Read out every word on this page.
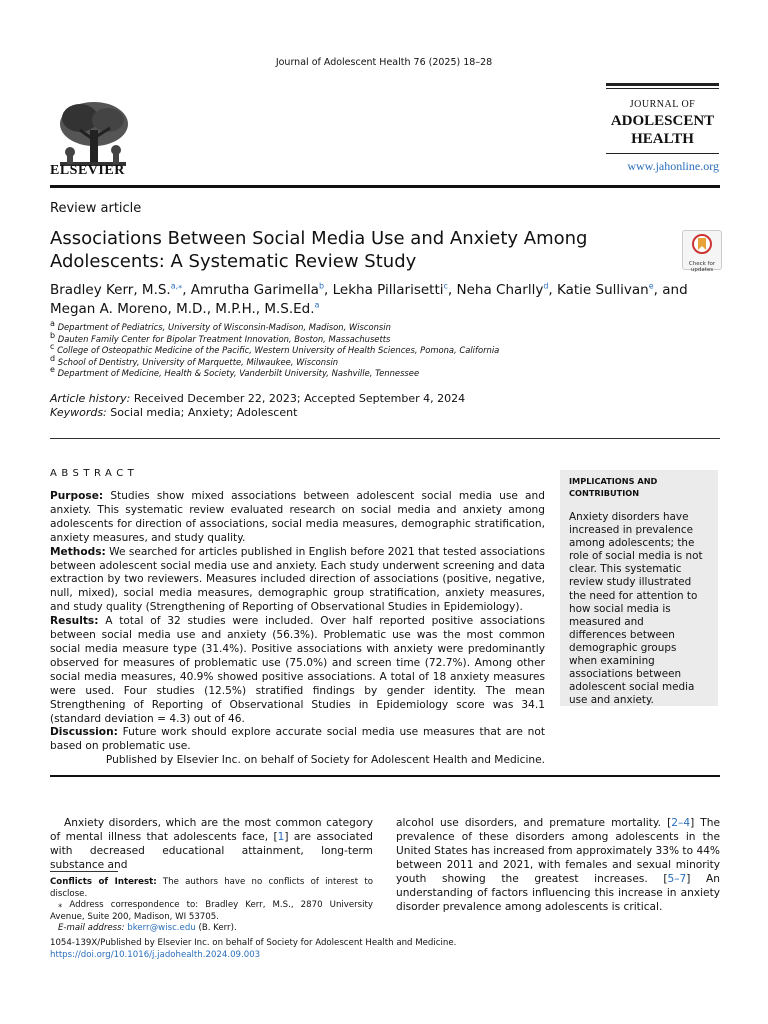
Journal of Adolescent Health 76 (2025) 18–28
ELSEVIER
JOURNAL OF
ADOLESCENT
HEALTH
www.jahonline.org
Review article
Associations Between Social Media Use and Anxiety Among Adolescents: A Systematic Review Study	Check for updates
Bradley Kerr, M.S.$^{a,⁎}$, Amrutha Garimella$^b$, Lekha Pillarisetti$^c$, Neha Charlly$^d$, Katie Sullivan$^e$, and Megan A. Moreno, M.D., M.P.H., M.S.Ed.$^a$
$^a$ Department of Pediatrics, University of Wisconsin-Madison, Madison, Wisconsin
$^b$ Dauten Family Center for Bipolar Treatment Innovation, Boston, Massachusetts
$^c$ College of Osteopathic Medicine of the Pacific, Western University of Health Sciences, Pomona, California
$^d$ School of Dentistry, University of Marquette, Milwaukee, Wisconsin
$^e$ Department of Medicine, Health & Society, Vanderbilt University, Nashville, Tennessee
Article history: Received December 22, 2023; Accepted September 4, 2024
Keywords: Social media; Anxiety; Adolescent
ABSTRACT

Purpose: Studies show mixed associations between adolescent social media use and anxiety. This systematic review evaluated research on social media and anxiety among adolescents for direction of associations, social media measures, demographic stratification, anxiety measures, and study quality.

Methods: We searched for articles published in English before 2021 that tested associations between adolescent social media use and anxiety. Each study underwent screening and data extraction by two reviewers. Measures included direction of associations (positive, negative, null, mixed), social media measures, demographic group stratification, anxiety measures, and study quality (Strengthening of Reporting of Observational Studies in Epidemiology).

Results: A total of 32 studies were included. Over half reported positive associations between social media use and anxiety (56.3%). Problematic use was the most common social media measure type (31.4%). Positive associations with anxiety were predominantly observed for measures of problematic use (75.0%) and screen time (72.7%). Among other social media measures, 40.9% showed positive associations. A total of 18 anxiety measures were used. Four studies (12.5%) stratified findings by gender identity. The mean Strengthening of Reporting of Observational Studies in Epidemiology score was 34.1 (standard deviation = 4.3) out of 46.

Discussion: Future work should explore accurate social media use measures that are not based on problematic use.

Published by Elsevier Inc. on behalf of Society for Adolescent Health and Medicine.

IMPLICATIONS AND CONTRIBUTION
Anxiety disorders have increased in prevalence among adolescents; the role of social media is not clear. This systematic review study illustrated the need for attention to how social media is measured and differences between demographic groups when examining associations between adolescent social media use and anxiety.
Anxiety disorders, which are the most common category of mental illness that adolescents face, [1] are associated with decreased educational attainment, long-term substance and
alcohol use disorders, and premature mortality. [2–4] The prevalence of these disorders among adolescents in the United States has increased from approximately 33% to 44% between 2011 and 2021, with females and sexual minority youth showing the greatest increases. [5–7] An understanding of factors influencing this increase in anxiety disorder prevalence among adolescents is critical.

Conflicts of Interest: The authors have no conflicts of interest to disclose.

⁎ Address correspondence to: Bradley Kerr, M.S., 2870 University Avenue, Suite 200, Madison, WI 53705.

E-mail address: bkerr@wisc.edu (B. Kerr).

1054-139X/Published by Elsevier Inc. on behalf of Society for Adolescent Health and Medicine.
https://doi.org/10.1016/j.jadohealth.2024.09.003
